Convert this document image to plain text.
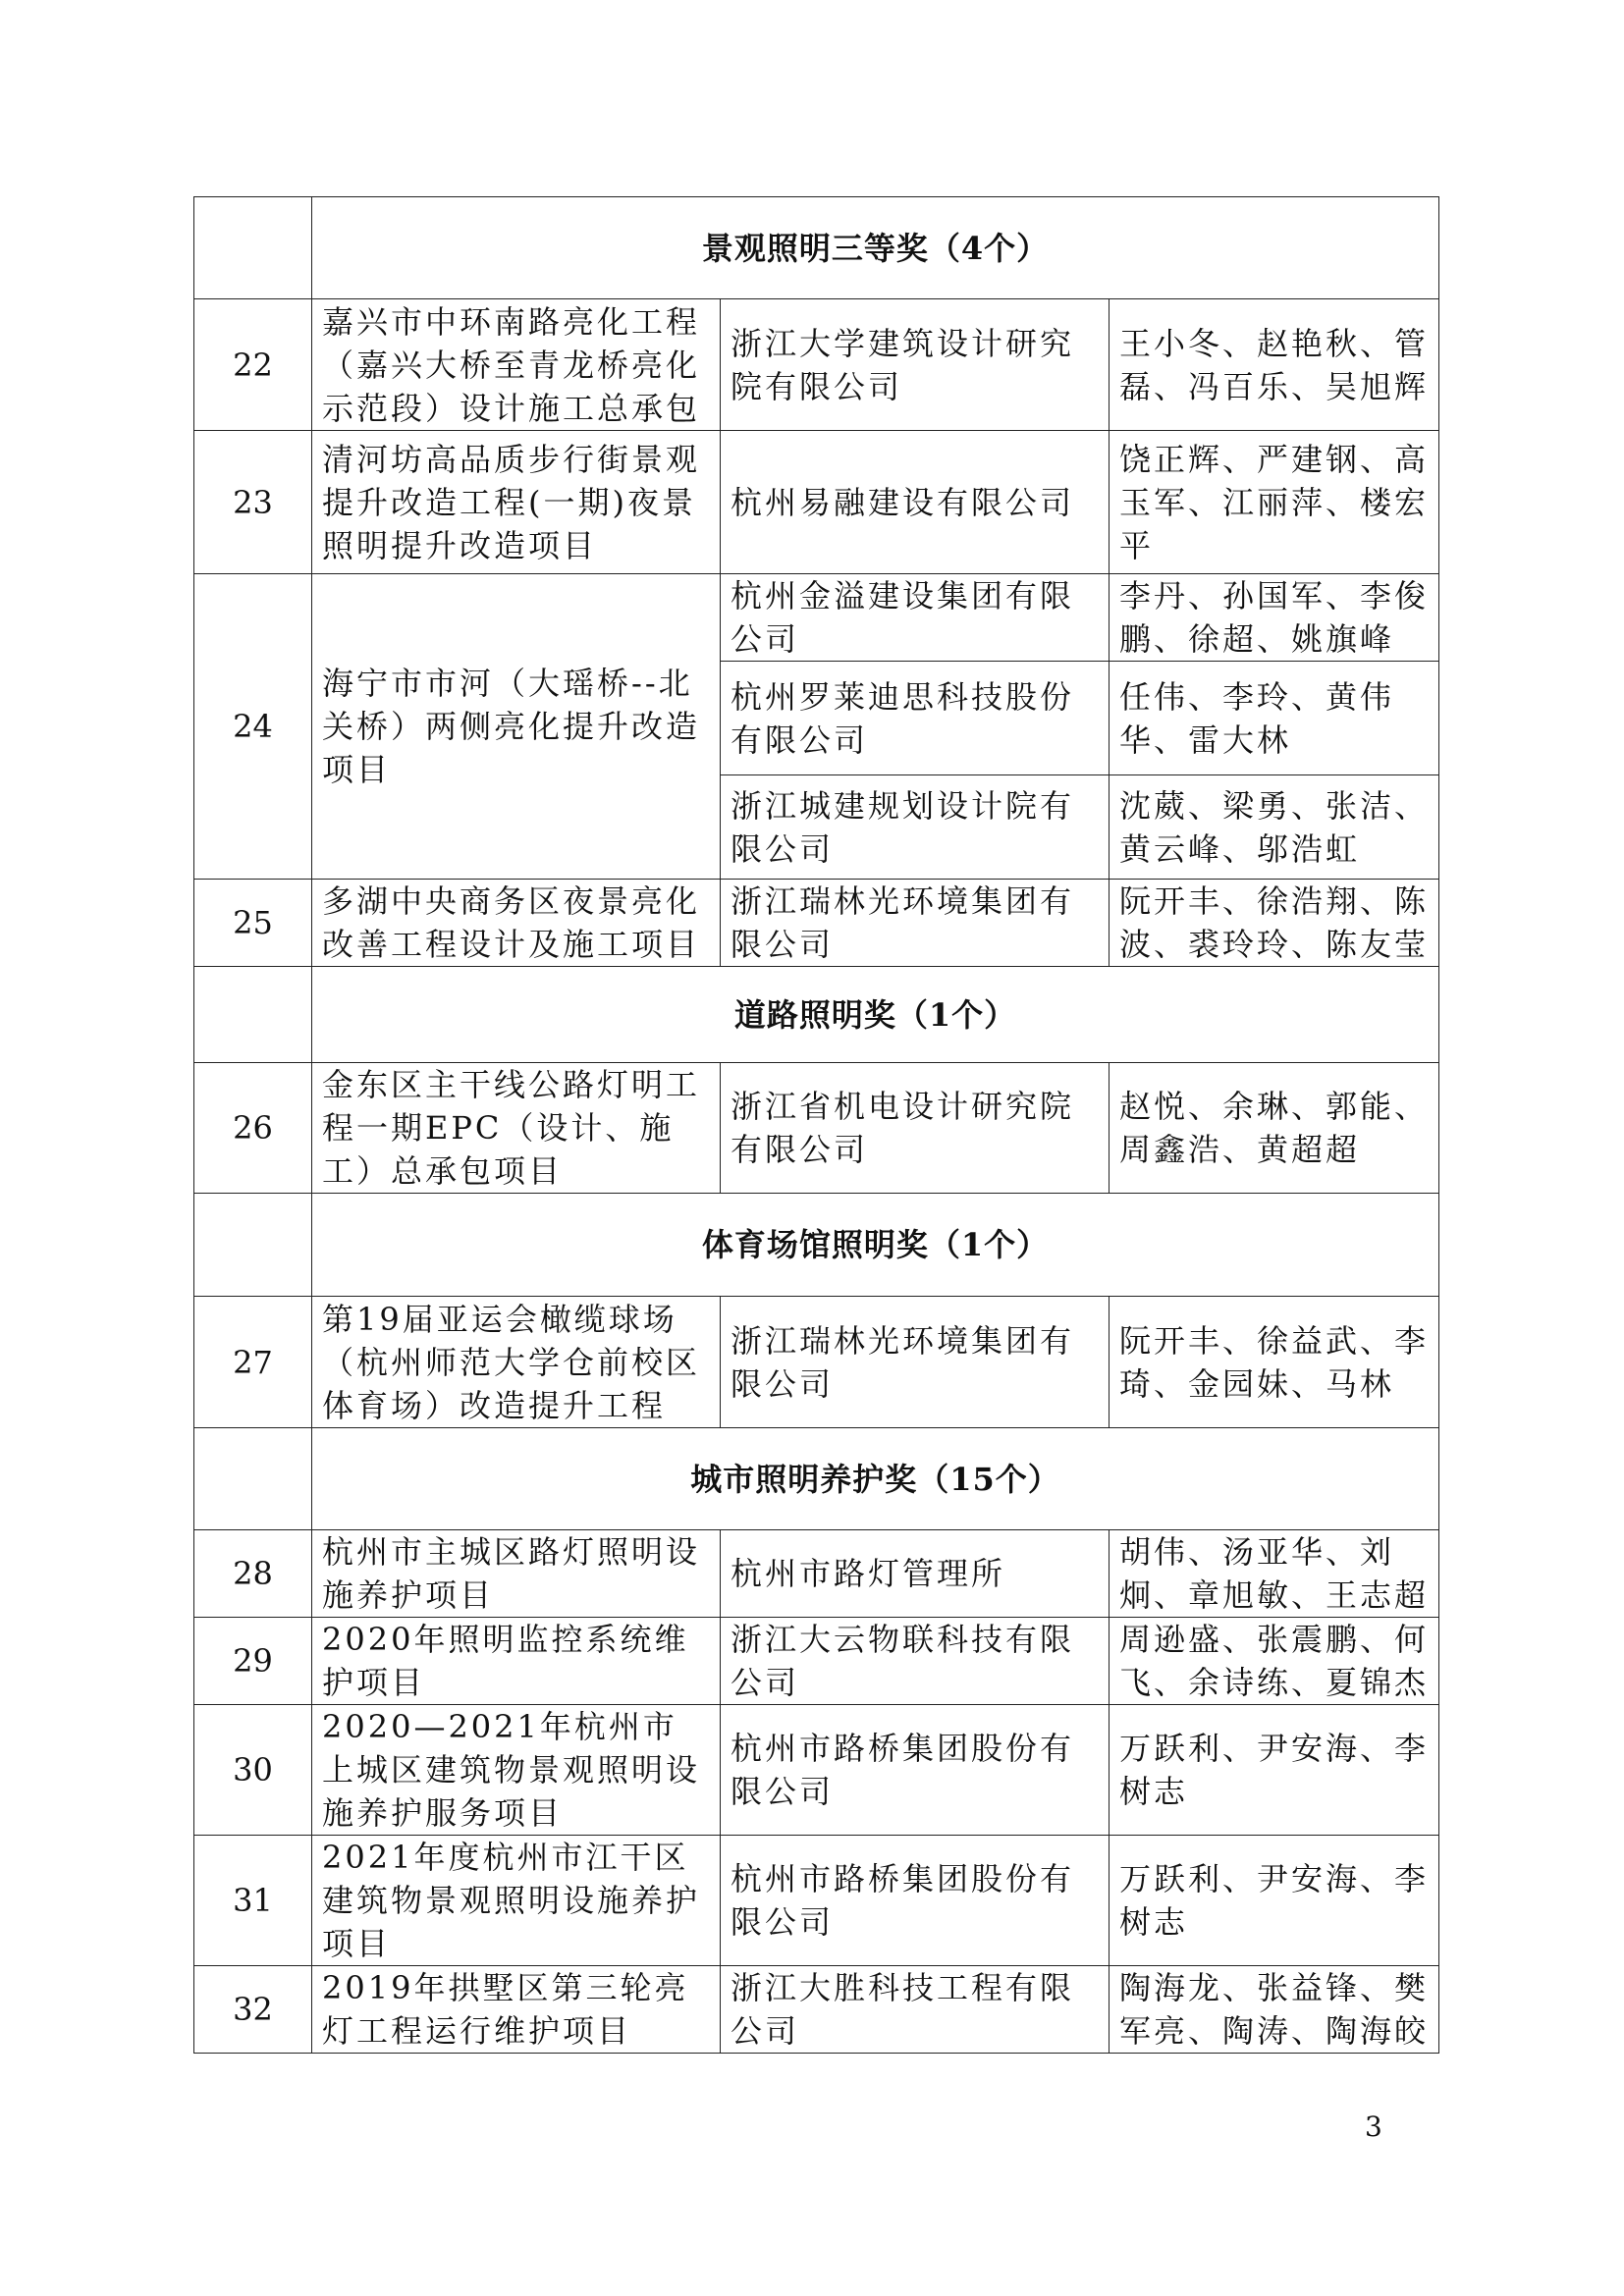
	景观照明三等奖（4个）		
22	嘉兴市中环南路亮化工程（嘉兴大桥至青龙桥亮化示范段）设计施工总承包	浙江大学建筑设计研究院有限公司	王小冬、赵艳秋、管磊、冯百乐、吴旭辉
23	清河坊高品质步行街景观提升改造工程(一期)夜景照明提升改造项目	杭州易融建设有限公司	饶正辉、严建钢、高玉军、江丽萍、楼宏平
24	海宁市市河（大瑶桥--北关桥）两侧亮化提升改造项目	杭州金溢建设集团有限公司	李丹、孙国军、李俊鹏、徐超、姚旗峰
		杭州罗莱迪思科技股份有限公司	任伟、李玲、黄伟华、雷大林
		浙江城建规划设计院有限公司	沈葳、梁勇、张洁、黄云峰、邬浩虹
25	多湖中央商务区夜景亮化改善工程设计及施工项目	浙江瑞林光环境集团有限公司	阮开丰、徐浩翔、陈波、裘玲玲、陈友莹
	道路照明奖（1个）		
26	金东区主干线公路灯明工程一期EPC（设计、施工）总承包项目	浙江省机电设计研究院有限公司	赵悦、余琳、郭能、周鑫浩、黄超超
	体育场馆照明奖（1个）		
27	第19届亚运会橄缆球场（杭州师范大学仓前校区体育场）改造提升工程	浙江瑞林光环境集团有限公司	阮开丰、徐益武、李琦、金园妹、马林
	城市照明养护奖（15个）		
28	杭州市主城区路灯照明设施养护项目	杭州市路灯管理所	胡伟、汤亚华、刘炯、章旭敏、王志超
29	2020年照明监控系统维护项目	浙江大云物联科技有限公司	周逊盛、张震鹏、何飞、余诗练、夏锦杰
30	2020—2021年杭州市上城区建筑物景观照明设施养护服务项目	杭州市路桥集团股份有限公司	万跃利、尹安海、李树志
31	2021年度杭州市江干区建筑物景观照明设施养护项目	杭州市路桥集团股份有限公司	万跃利、尹安海、李树志
32	2019年拱墅区第三轮亮灯工程运行维护项目	浙江大胜科技工程有限公司	陶海龙、张益锋、樊军亮、陶涛、陶海皎
3
